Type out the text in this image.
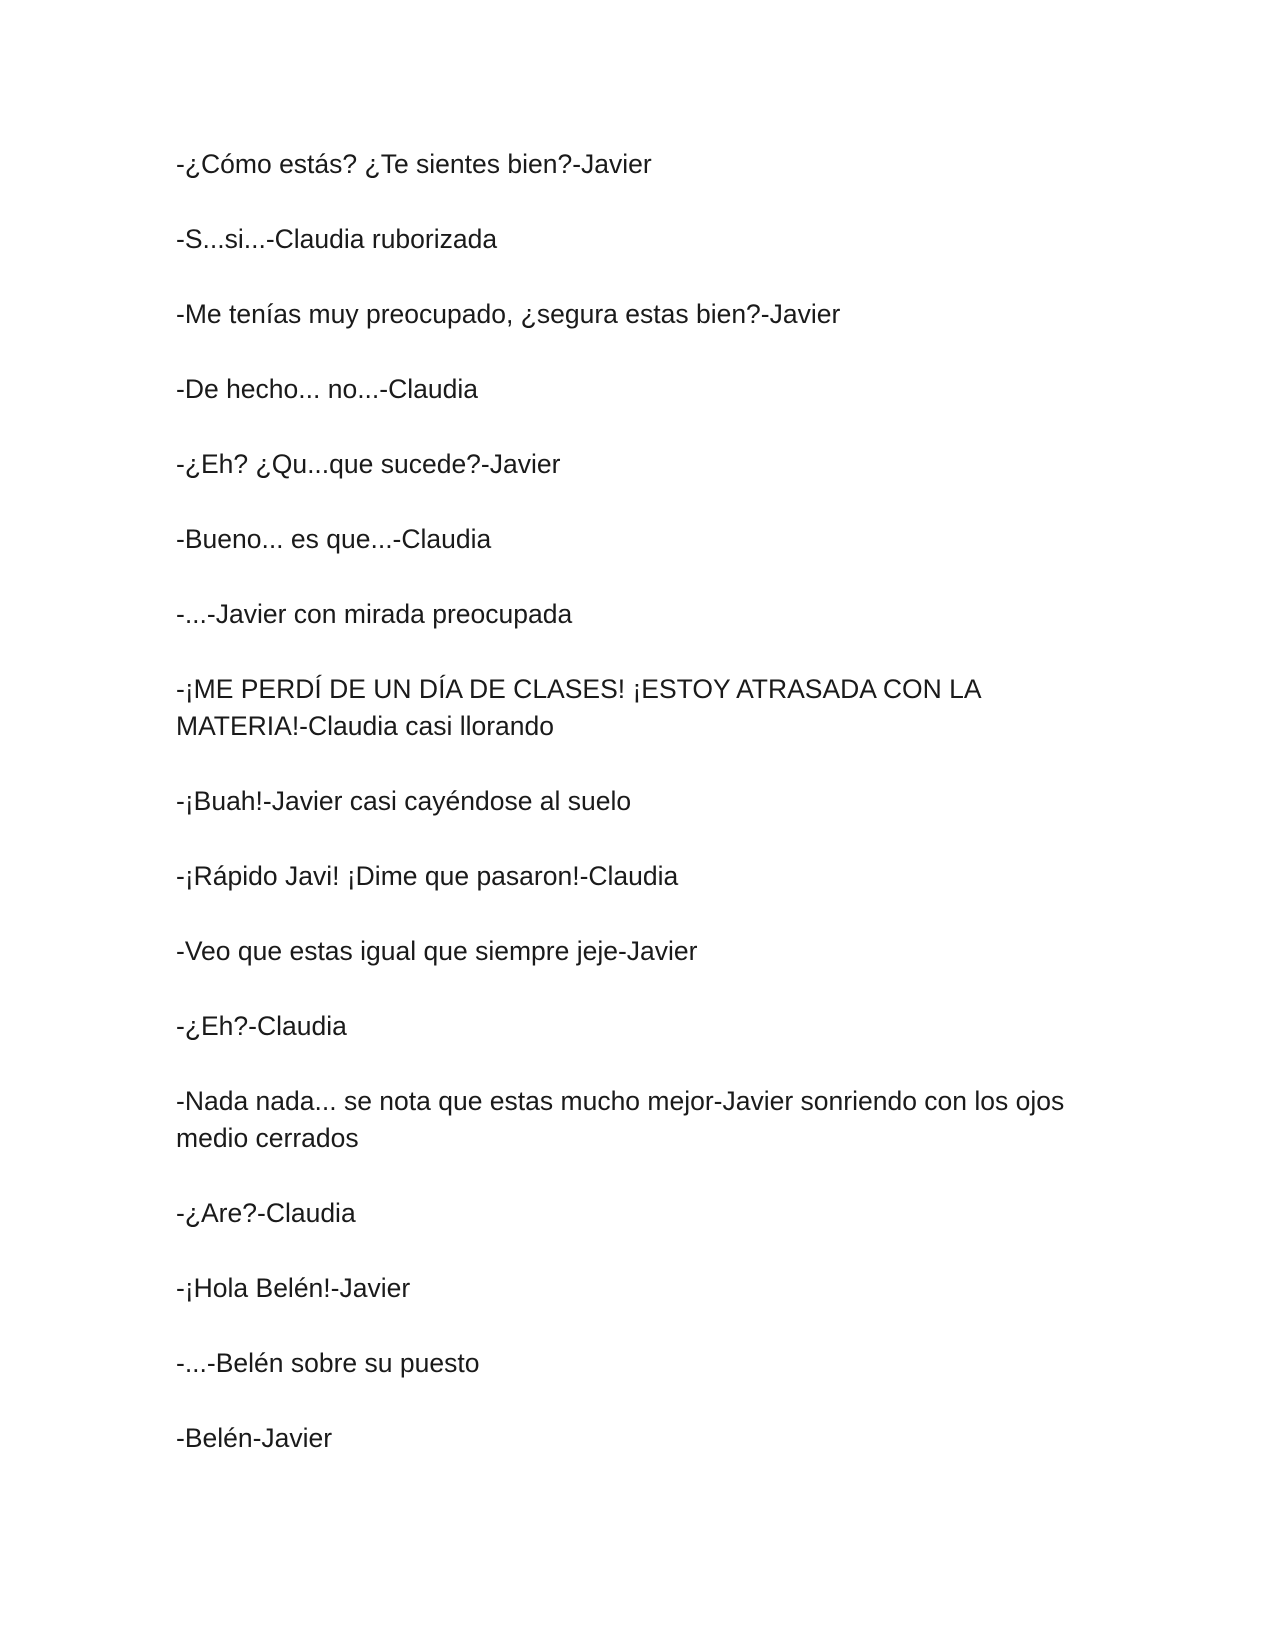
-¿Cómo estás? ¿Te sientes bien?-Javier

-S...si...-Claudia ruborizada

-Me tenías muy preocupado, ¿segura estas bien?-Javier

-De hecho... no...-Claudia

-¿Eh? ¿Qu...que sucede?-Javier

-Bueno... es que...-Claudia

-...-Javier con mirada preocupada

-¡ME PERDÍ DE UN DÍA DE CLASES! ¡ESTOY ATRASADA CON LA MATERIA!-Claudia casi llorando

-¡Buah!-Javier casi cayéndose al suelo

-¡Rápido Javi! ¡Dime que pasaron!-Claudia

-Veo que estas igual que siempre jeje-Javier

-¿Eh?-Claudia

-Nada nada... se nota que estas mucho mejor-Javier sonriendo con los ojos medio cerrados

-¿Are?-Claudia

-¡Hola Belén!-Javier

-...-Belén sobre su puesto

-Belén-Javier
